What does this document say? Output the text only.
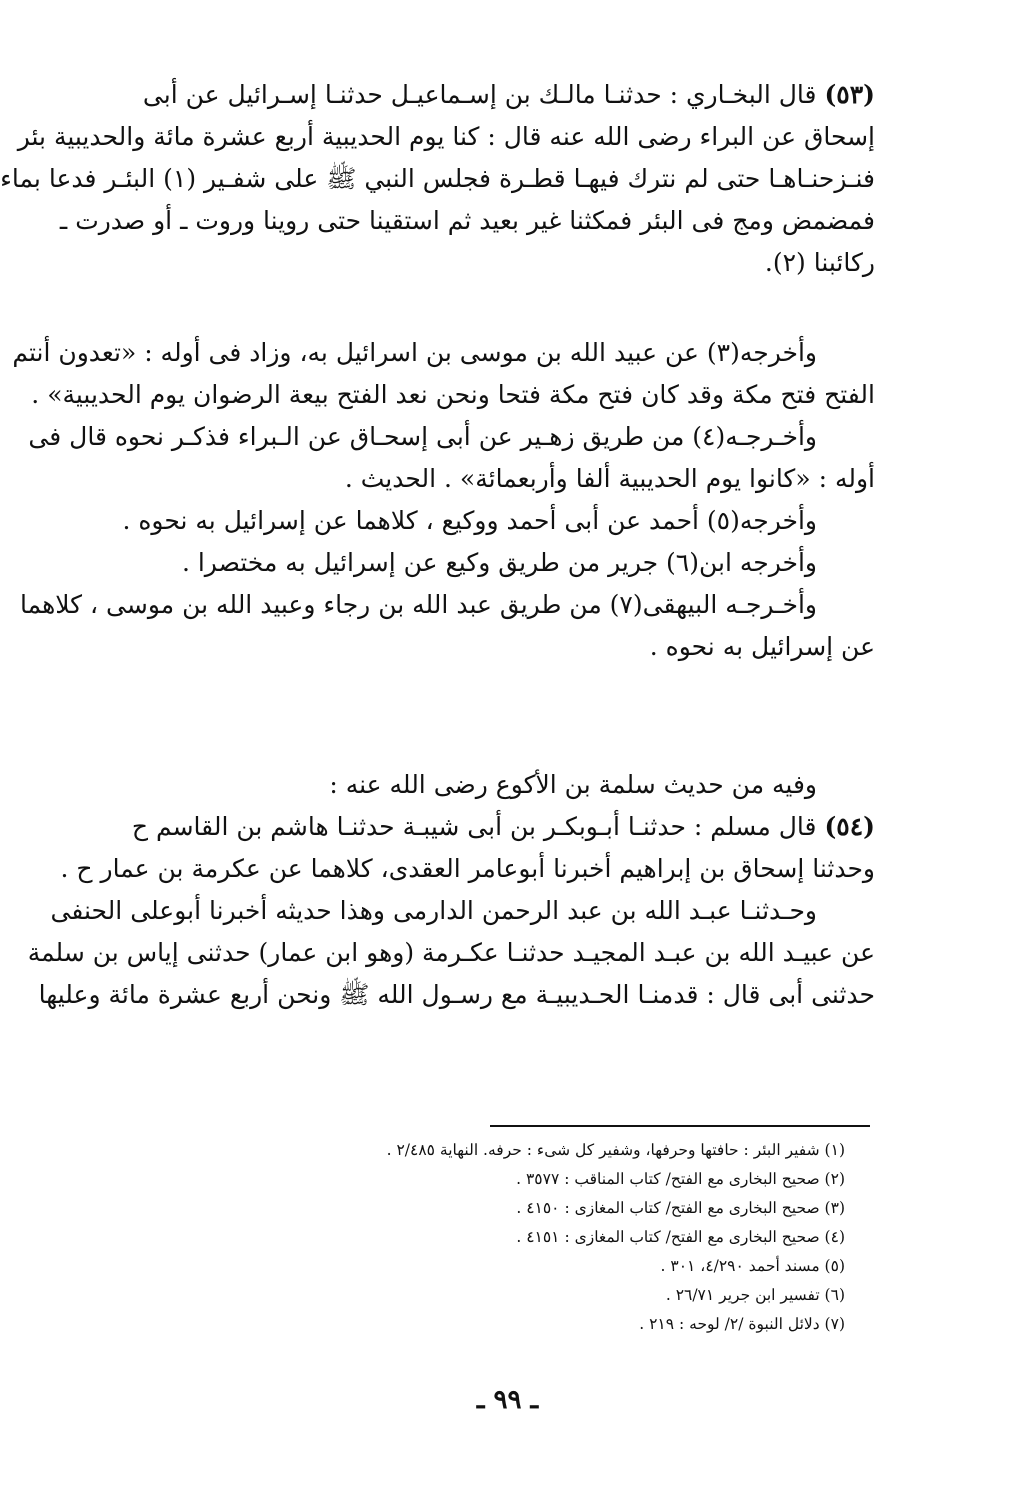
(٥٣) قال البخـاري : حدثنـا مالـك بن إسـماعيـل حدثنـا إسـرائيل عن أبى
إسحاق عن البراء رضى الله عنه قال : كنا يوم الحديبية أربع عشرة مائة والحديبية بئر
فنـزحنـاهـا حتى لم نترك فيهـا قطـرة فجلس النبي ﷺ على شفـير (١) البئـر فدعا بماء
فمضمض ومج فى البئر فمكثنا غير بعيد ثم استقينا حتى روينا وروت ـ أو صدرت ـ
ركائبنا (٢).
وأخرجه(٣) عن عبيد الله بن موسى بن اسرائيل به، وزاد فى أوله : «تعدون أنتم
الفتح فتح مكة وقد كان فتح مكة فتحا ونحن نعد الفتح بيعة الرضوان يوم الحديبية» .
وأخـرجـه(٤) من طريق زهـير عن أبى إسحـاق عن الـبراء فذكـر نحوه قال فى
أوله : «كانوا يوم الحديبية ألفا وأربعمائة» . الحديث .
وأخرجه(٥) أحمد عن أبى أحمد ووكيع ، كلاهما عن إسرائيل به نحوه .
وأخرجه ابن(٦) جرير من طريق وكيع عن إسرائيل به مختصرا .
وأخـرجـه البيهقى(٧) من طريق عبد الله بن رجاء وعبيد الله بن موسى ، كلاهما
عن إسرائيل به نحوه .
وفيه من حديث سلمة بن الأكوع رضى الله عنه :
(٥٤) قال مسلم : حدثنـا أبـوبكـر بن أبى شيبـة حدثنـا هاشم بن القاسم ح
وحدثنا إسحاق بن إبراهيم أخبرنا أبوعامر العقدى، كلاهما عن عكرمة بن عمار ح .
وحـدثنـا عبـد الله بن عبد الرحمن الدارمى وهذا حديثه أخبرنا أبوعلى الحنفى
عن عبيـد الله بن عبـد المجيـد حدثنـا عكـرمة (وهو ابن عمار) حدثنى إياس بن سلمة
حدثنى أبى قال : قدمنـا الحـديبيـة مع رسـول الله ﷺ ونحن أربع عشرة مائة وعليها
(١) شفير البئر : حافتها وحرفها، وشفير كل شىء : حرفه. النهاية ٢/٤٨٥ .
(٢) صحيح البخارى مع الفتح/ كتاب المناقب : ٣٥٧٧ .
(٣) صحيح البخارى مع الفتح/ كتاب المغازى : ٤١٥٠ .
(٤) صحيح البخارى مع الفتح/ كتاب المغازى : ٤١٥١ .
(٥) مسند أحمد ٤/٢٩٠، ٣٠١ .
(٦) تفسير ابن جرير ٢٦/٧١ .
(٧) دلائل النبوة /٢/ لوحه : ٢١٩ .
ـ ٩٩ ـ
